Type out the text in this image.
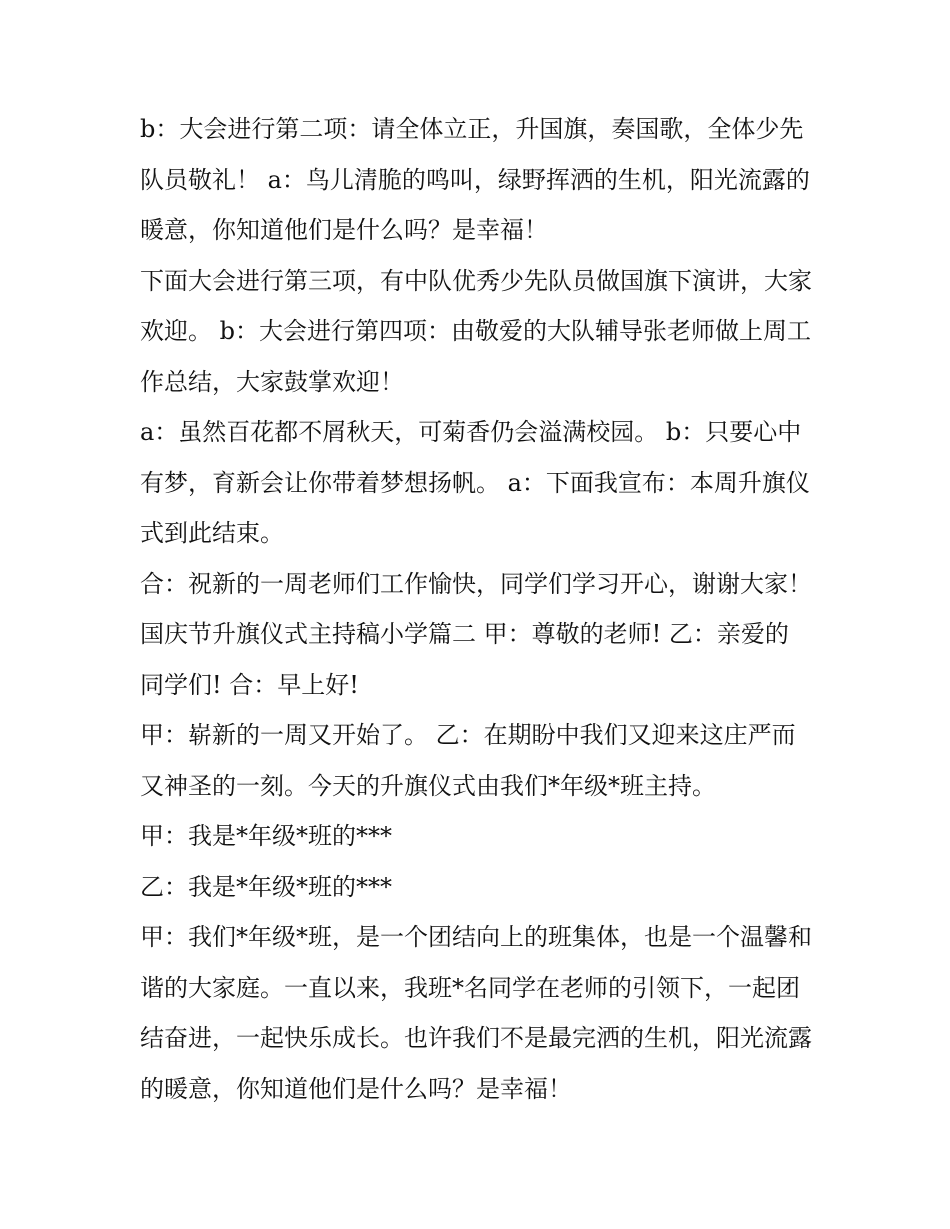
b：大会进行第二项：请全体立正，升国旗，奏国歌，全体少先队员敬礼！ a：鸟儿清脆的鸣叫，绿野挥洒的生机，阳光流露的暖意，你知道他们是什么吗？是幸福！

下面大会进行第三项，有中队优秀少先队员做国旗下演讲，大家欢迎。 b：大会进行第四项：由敬爱的大队辅导张老师做上周工作总结，大家鼓掌欢迎！

a：虽然百花都不屑秋天，可菊香仍会溢满校园。 b：只要心中有梦，育新会让你带着梦想扬帆。 a：下面我宣布：本周升旗仪式到此结束。

合：祝新的一周老师们工作愉快，同学们学习开心，谢谢大家！ 国庆节升旗仪式主持稿小学篇二 甲：尊敬的老师! 乙：亲爱的同学们! 合：早上好!

甲：崭新的一周又开始了。 乙：在期盼中我们又迎来这庄严而又神圣的一刻。今天的升旗仪式由我们*年级*班主持。

甲：我是*年级*班的***

乙：我是*年级*班的***

甲：我们*年级*班，是一个团结向上的班集体，也是一个温馨和谐的大家庭。一直以来，我班*名同学在老师的引领下，一起团结奋进，一起快乐成长。也许我们不是最完洒的生机，阳光流露的暖意，你知道他们是什么吗？是幸福！
